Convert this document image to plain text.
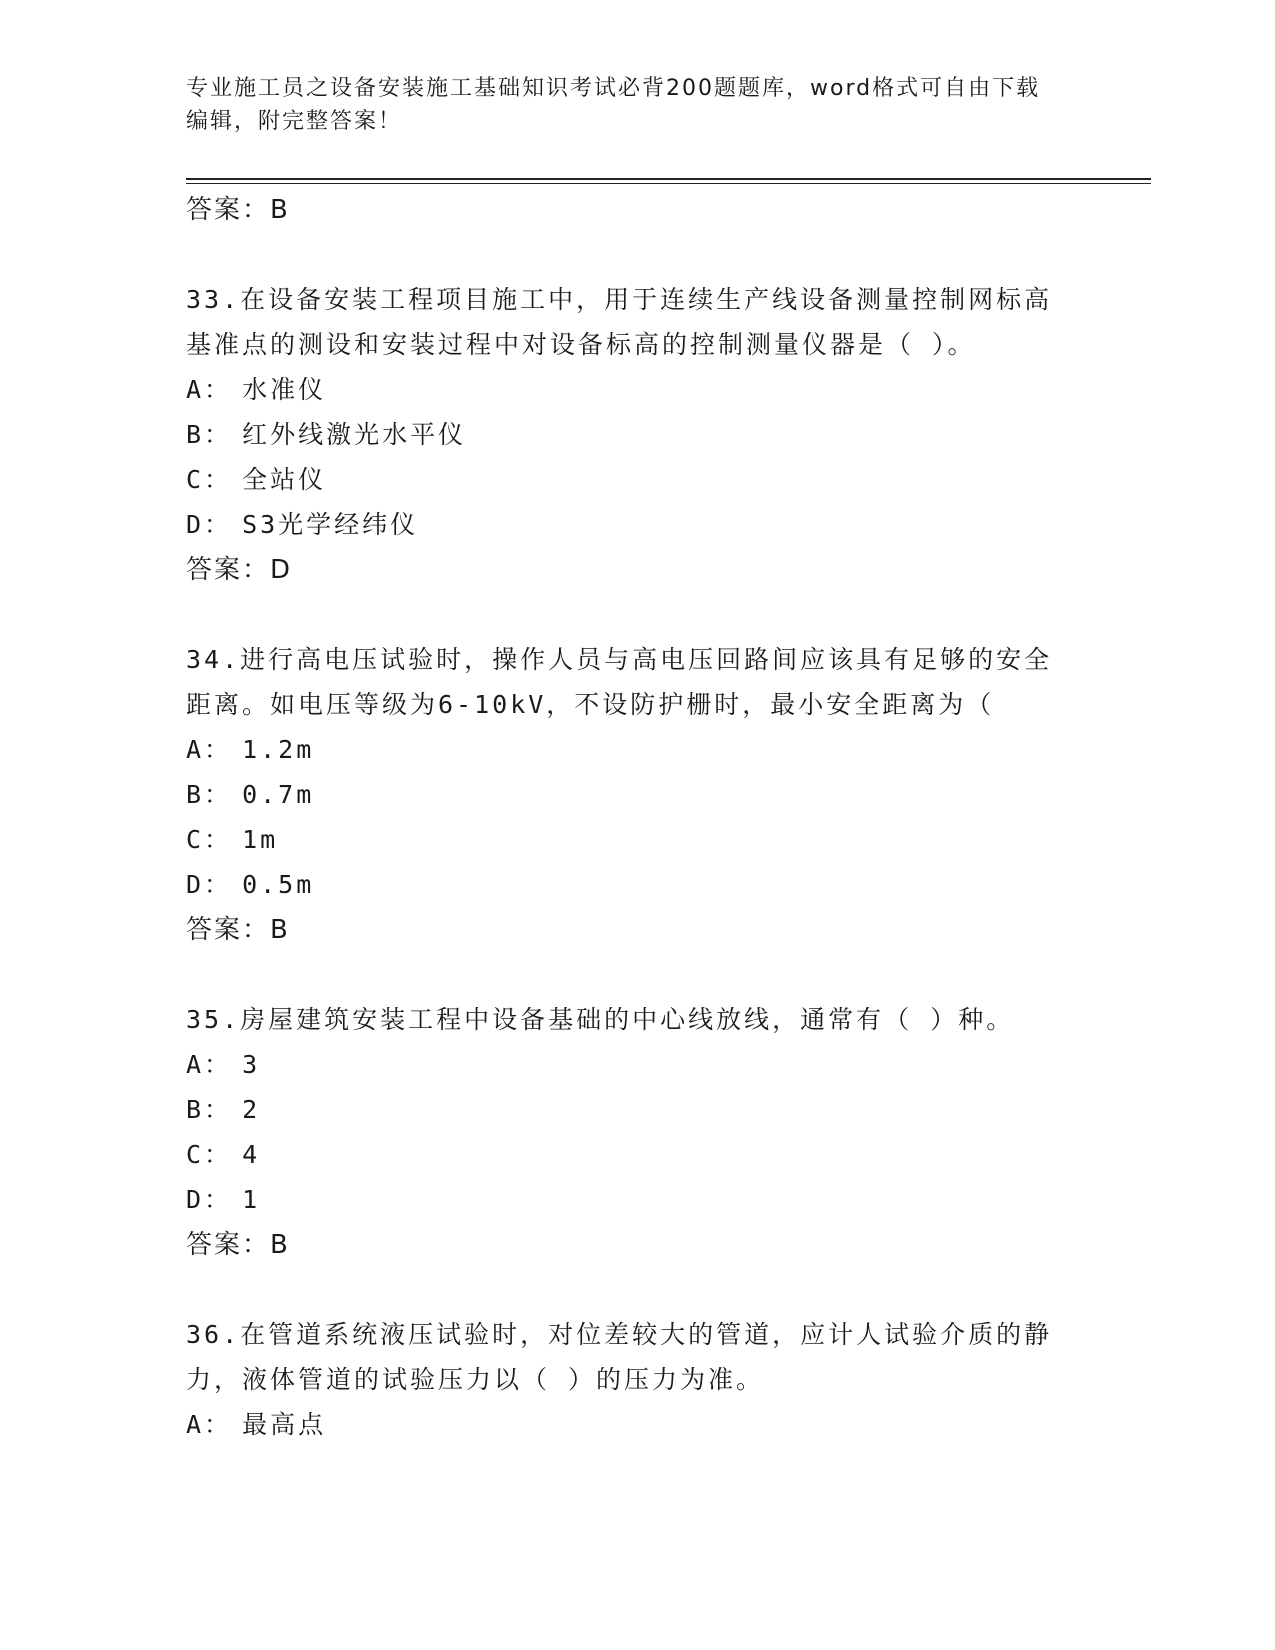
专业施工员之设备安装施工基础知识考试必背200题题库，word格式可自由下载
编辑，附完整答案！
答案：B
33.在设备安装工程项目施工中，用于连续生产线设备测量控制网标高基准点的测设和安装过程中对设备标高的控制测量仪器是（ ）。
A： 水准仪
B： 红外线激光水平仪
C： 全站仪
D： S3光学经纬仪
答案：D
34.进行高电压试验时，操作人员与高电压回路间应该具有足够的安全距离。如电压等级为6-10kV，不设防护栅时，最小安全距离为（
A： 1.2m
B： 0.7m
C： 1m
D： 0.5m
答案：B
35.房屋建筑安装工程中设备基础的中心线放线，通常有（ ）种。
A： 3
B： 2
C： 4
D： 1
答案：B
36.在管道系统液压试验时，对位差较大的管道，应计人试验介质的静力，液体管道的试验压力以（ ）的压力为准。
A： 最高点
